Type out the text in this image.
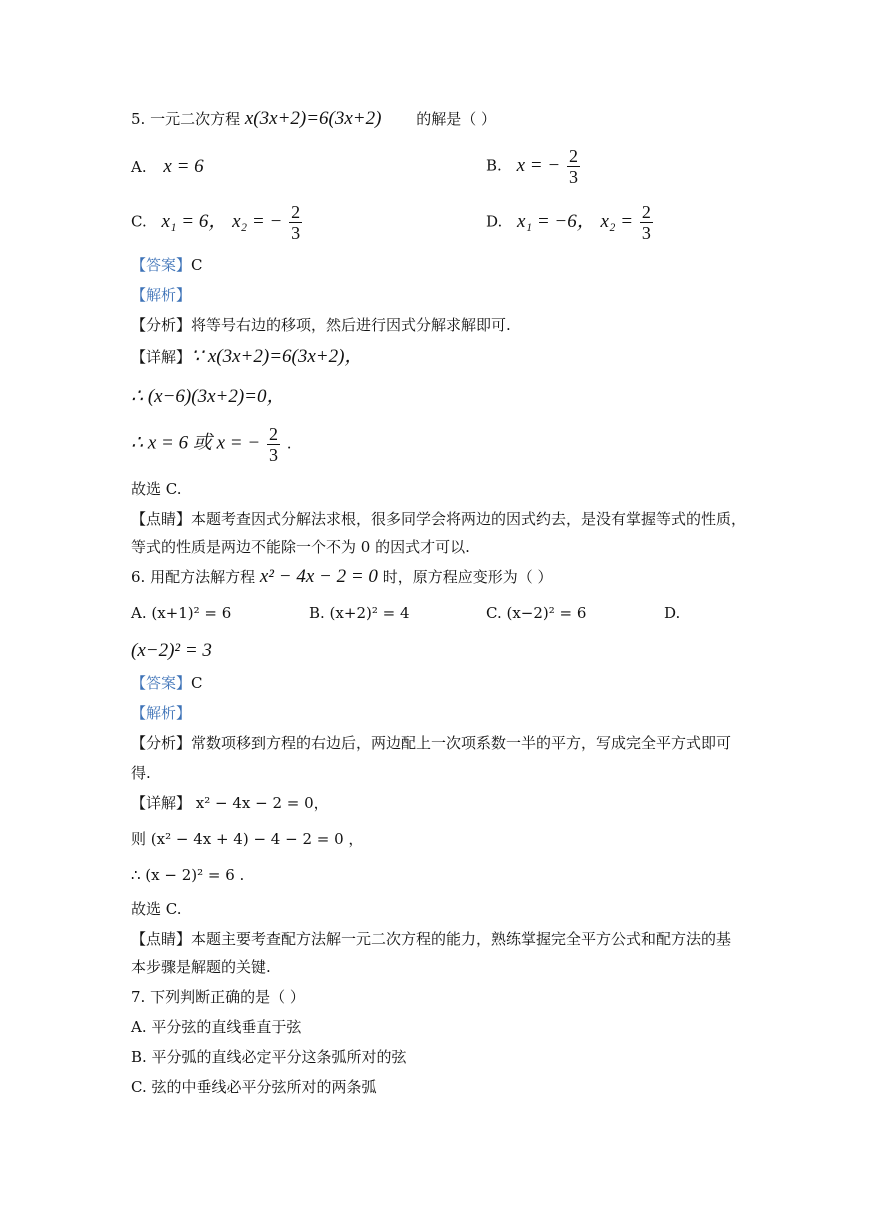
5. 一元二次方程 x(3x+2)=6(3x+2) 的解是（ ）
A. x = 6	B. x = − $\frac{2}{3}$
C. x₁ = 6， x₂ = − $\frac{2}{3}$	D. x₁ = −6， $x_2 = \frac{2}{3}$
【答案】C
【解析】
【分析】将等号右边的移项，然后进行因式分解求解即可.
【详解】∵ x(3x+2)=6(3x+2)，
∴ (x−6)(3x+2)=0，
∴ x = 6 或 x = − $\frac{2}{3}$ .
故选 C.
【点睛】本题考查因式分解法求根，很多同学会将两边的因式约去，是没有掌握等式的性质，
等式的性质是两边不能除一个不为 0 的因式才可以.
6. 用配方法解方程 x² − 4x − 2 = 0 时，原方程应变形为（ ）
A. (x+1)² = 6	B. (x+2)² = 4	C. (x−2)² = 6	D.
(x−2)² = 3
【答案】C
【解析】
【分析】常数项移到方程的右边后，两边配上一次项系数一半的平方，写成完全平方式即可
得.
【详解】 x² − 4x − 2 = 0，
则 (x² − 4x + 4) − 4 − 2 = 0 ，
∴ (x − 2)² = 6 .
故选 C.
【点睛】本题主要考查配方法解一元二次方程的能力，熟练掌握完全平方公式和配方法的基
本步骤是解题的关键.
7. 下列判断正确的是（ ）
A. 平分弦的直线垂直于弦
B. 平分弧的直线必定平分这条弧所对的弦
C. 弦的中垂线必平分弦所对的两条弧
